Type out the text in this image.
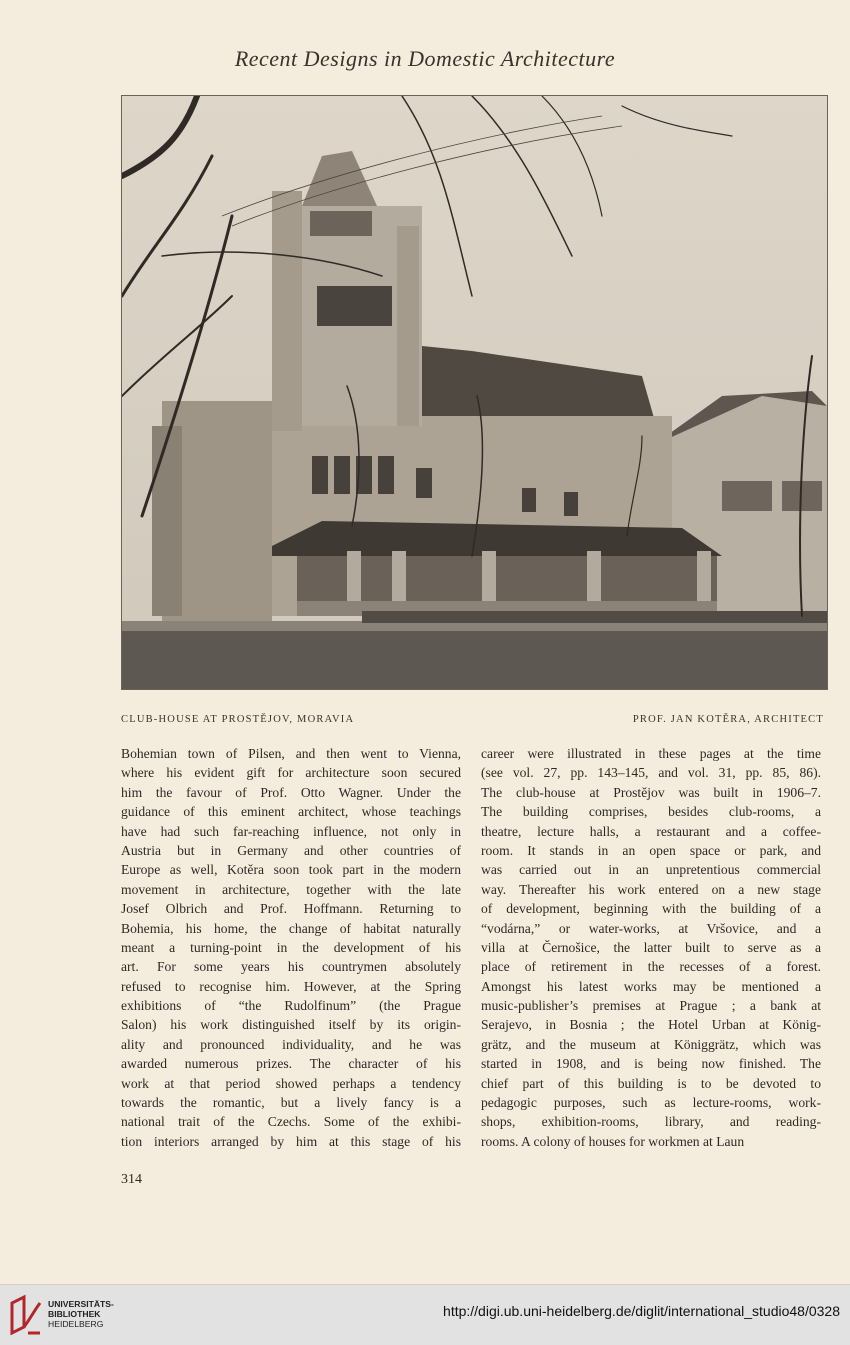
Recent Designs in Domestic Architecture
CLUB-HOUSE AT PROSTĚJOV, MORAVIA	PROF. JAN KOTĚRA, ARCHITECT
Bohemian town of Pilsen, and then went to Vienna,
where his evident gift for architecture soon secured
him the favour of Prof. Otto Wagner. Under the
guidance of this eminent architect, whose teachings
have had such far-reaching influence, not only in
Austria but in Germany and other countries of
Europe as well, Kotěra soon took part in the modern
movement in architecture, together with the late
Josef Olbrich and Prof. Hoffmann. Returning to
Bohemia, his home, the change of habitat naturally
meant a turning-point in the development of his
art. For some years his countrymen absolutely
refused to recognise him. However, at the Spring
exhibitions of “the Rudolfinum” (the Prague
Salon) his work distinguished itself by its origin-
ality and pronounced individuality, and he was
awarded numerous prizes. The character of his
work at that period showed perhaps a tendency
towards the romantic, but a lively fancy is a
national trait of the Czechs. Some of the exhibi-
tion interiors arranged by him at this stage of his
career were illustrated in these pages at the time
(see vol. 27, pp. 143–145, and vol. 31, pp. 85, 86).
The club-house at Prostějov was built in 1906–7.
The building comprises, besides club-rooms, a
theatre, lecture halls, a restaurant and a coffee-
room. It stands in an open space or park, and
was carried out in an unpretentious commercial
way. Thereafter his work entered on a new stage
of development, beginning with the building of a
“vodárna,” or water-works, at Vršovice, and a
villa at Černošice, the latter built to serve as a
place of retirement in the recesses of a forest.
Amongst his latest works may be mentioned a
music-publisher’s premises at Prague ; a bank at
Serajevo, in Bosnia ; the Hotel Urban at König-
grätz, and the museum at Königgrätz, which was
started in 1908, and is being now finished. The
chief part of this building is to be devoted to
pedagogic purposes, such as lecture-rooms, work-
shops, exhibition-rooms, library, and reading-
rooms. A colony of houses for workmen at Laun
314
UNIVERSITÄTS-
BIBLIOTHEK
HEIDELBERG
http://digi.ub.uni-heidelberg.de/diglit/international_studio48/0328
